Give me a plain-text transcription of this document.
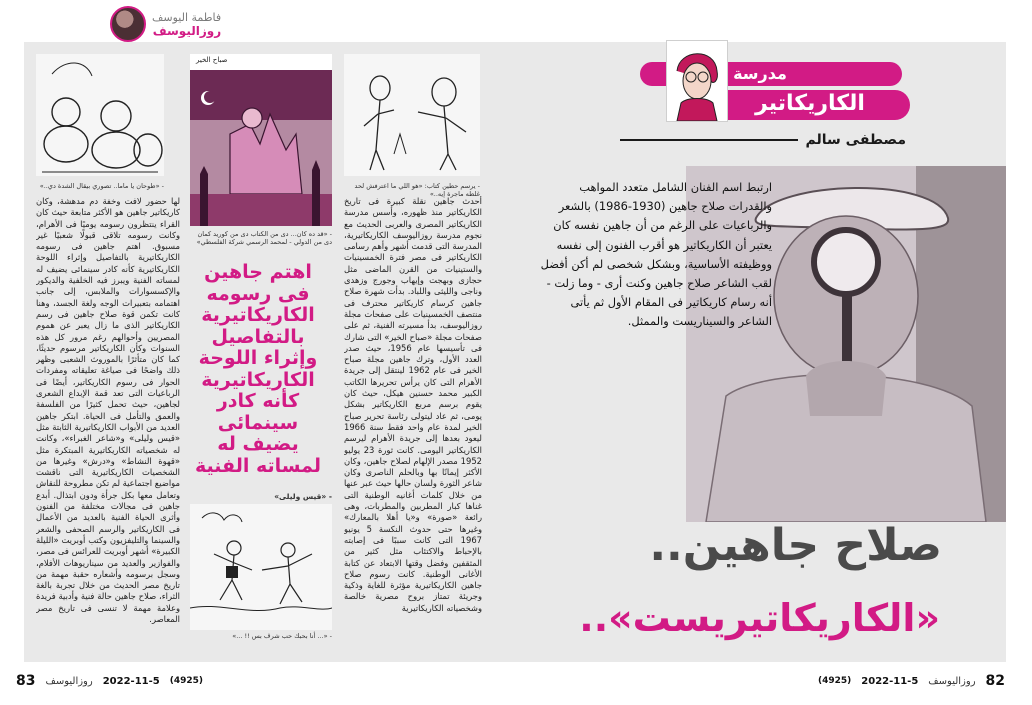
فاطمة اليوسف
روزاليوسف
- «طوحان يا ماما.. تصوري بيقال الشدة دي..»
صباح الخير
- «قد ده كان... دی من الكتاب دی من كوريد كمان دی من الدولي - لمحمد الرسمي شركة الفلسطي»
- يرسم حطين كتاب: «هو اللي ما اعترفش لحد غلطه ماجرة إيه..»
مدرسة
الكاريكاتير
مصطفى سالم
ارتبط اسم الفنان الشامل متعدد المواهب والقدرات صلاح جاهين (1930-1986) بالشعر والرباعيات على الرغم من أن جاهين نفسه كان يعتبر أن الكاريكاتير هو أقرب الفنون إلى نفسه ووظيفته الأساسية، وبشكل شخصى لم أكن أفضل لقب الشاعر صلاح جاهين وكنت أرى - وما زلت - أنه رسام كاريكاتير فى المقام الأول ثم يأتى الشاعر والسيناريست والممثل.
صلاح جاهين..
«الكاريكاتيريست»..
أحدث جاهين نقلة كبيرة فى تاريخ الكاريكاتير منذ ظهوره، وأسس مدرسة الكاريكاتير المصرى والعربى الحديث مع نجوم مدرسة روزاليوسف الكاريكاتيرية، المدرسة التى قدمت أشهر وأهم رسامى الكاريكاتير فى مصر فترة الخمسينيات والستينيات من القرن الماضى مثل حجازى وبهجت وإيهاب وجورج وزهدى وناجى والليثى واللباد. بدأت شهرة صلاح جاهين كرسام كاريكاتير محترف فى منتصف الخمسينيات على صفحات مجلة روزاليوسف، بدأ مسيرته الفنية، ثم على صفحات مجلة «صباح الخير» التى شارك فى تأسيسها عام 1956، حيث صدر العدد الأول، وترك جاهين مجلة صباح الخير فى عام 1962 لينتقل إلى جريدة الأهرام التى كان يرأس تحريرها الكاتب الكبير محمد حسنين هيكل، حيث كان يقوم برسم مربع الكاريكاتير بشكل يومى، ثم عاد ليتولى رئاسة تحرير صباح الخير لمدة عام واحد فقط سنة 1966 ليعود بعدها إلى جريدة الأهرام ليرسم الكاريكاتير اليومى. كانت ثورة 23 يوليو 1952 مصدر الإلهام لصلاح جاهين، وكان الأكثر إيمانًا بها وبالحلم الناصرى وكان شاعر الثورة ولسان حالها حيث عبر عنها من خلال كلمات أغانيه الوطنية التى غناها كبار المطربين والمطربات، وهى رائعة «صورة» و«يا أهلا بالمعارك» وغيرها حتى حدوث النكسة 5 يونيو 1967 التى كانت سببًا فى إصابته بالإحباط والاكتئاب مثل كثير من المثقفين وفضل وقتها الابتعاد عن كتابة الأغانى الوطنية. كانت رسوم صلاح جاهين الكاريكاتيرية مؤثرة للغاية وذكية وجريئة تمتاز بروح مصرية خالصة وشخصياته الكاريكاتيرية
لها حضور لافت وخفة دم مدهشة، وكان كاريكاتير جاهين هو الأكثر متابعة حيث كان القراء ينتظرون رسومه يوميًا فى الأهرام، وكانت رسومه تلاقى قبولًا شعبيًا غير مسبوق. اهتم جاهين فى رسومه الكاريكاتيرية بالتفاصيل وإثراء اللوحة الكاريكاتيرية كأنه كادر سينمائى يضيف له لمساته الفنية ويبرز فيه الخلفية والديكور والإكسسوارات والملابس، إلى جانب اهتمامه بتعبيرات الوجه ولغة الجسد، وهنا كانت تكمن قوة صلاح جاهين فى رسم الكاريكاتير الذى ما زال يعبر عن هموم المصريين وأحوالهم رغم مرور كل هذه السنوات وكأن الكاريكاتير مرسوم حديثًا، كما كان متأثرًا بالموروث الشعبى وظهر ذلك واضحًا فى صياغة تعليقاته ومفردات الحوار فى رسوم الكاريكاتير، أيضًا فى الرباعيات التى تعد قمة الإبداع الشعرى لجاهين، حيث تحمل كثيرًا من الفلسفة والعمق والتأمل فى الحياة. ابتكر جاهين العديد من الأبواب الكاريكاتيرية الثابتة مثل «قيس وليلى» و«شاعر الغبراء»، وكانت له شخصياته الكاريكاتيرية المبتكرة مثل «قهوة النشاط» و«درش» وغيرها من الشخصيات الكاريكاتيرية التى ناقشت مواضيع اجتماعية لم تكن مطروحة للنقاش وتعامل معها بكل جرأة ودون ابتذال. أبدع جاهين فى مجالات مختلفة من الفنون وأثرى الحياة الفنية بالعديد من الأعمال فى الكاريكاتير والرسم الصحفى والشعر والسينما والتليفزيون وكتب أوبريت «الليلة الكبيرة» أشهر أوبريت للعرائس فى مصر، والفوازير والعديد من سيناريوهات الأفلام، وسجل برسومه وأشعاره حقبة مهمة من تاريخ مصر الحديث من خلال تجربة بالغة الثراء، صلاح جاهين حالة فنية وأدبية فريدة وعلامة مهمة لا تنسى فى تاريخ مصر المعاصر.
اهتم جاهين فى رسومه الكاريكاتيرية بالتفاصيل وإثراء اللوحة الكاريكاتيرية كأنه كادر سينمائى يضيف له لمساته الفنية
- «قيس وليلى»
- «... أنا بحبك حب شرف بس !! ...»
83 روزاليوسف 2022-11-5 (4925)	(4925) 2022-11-5 روزاليوسف 82
